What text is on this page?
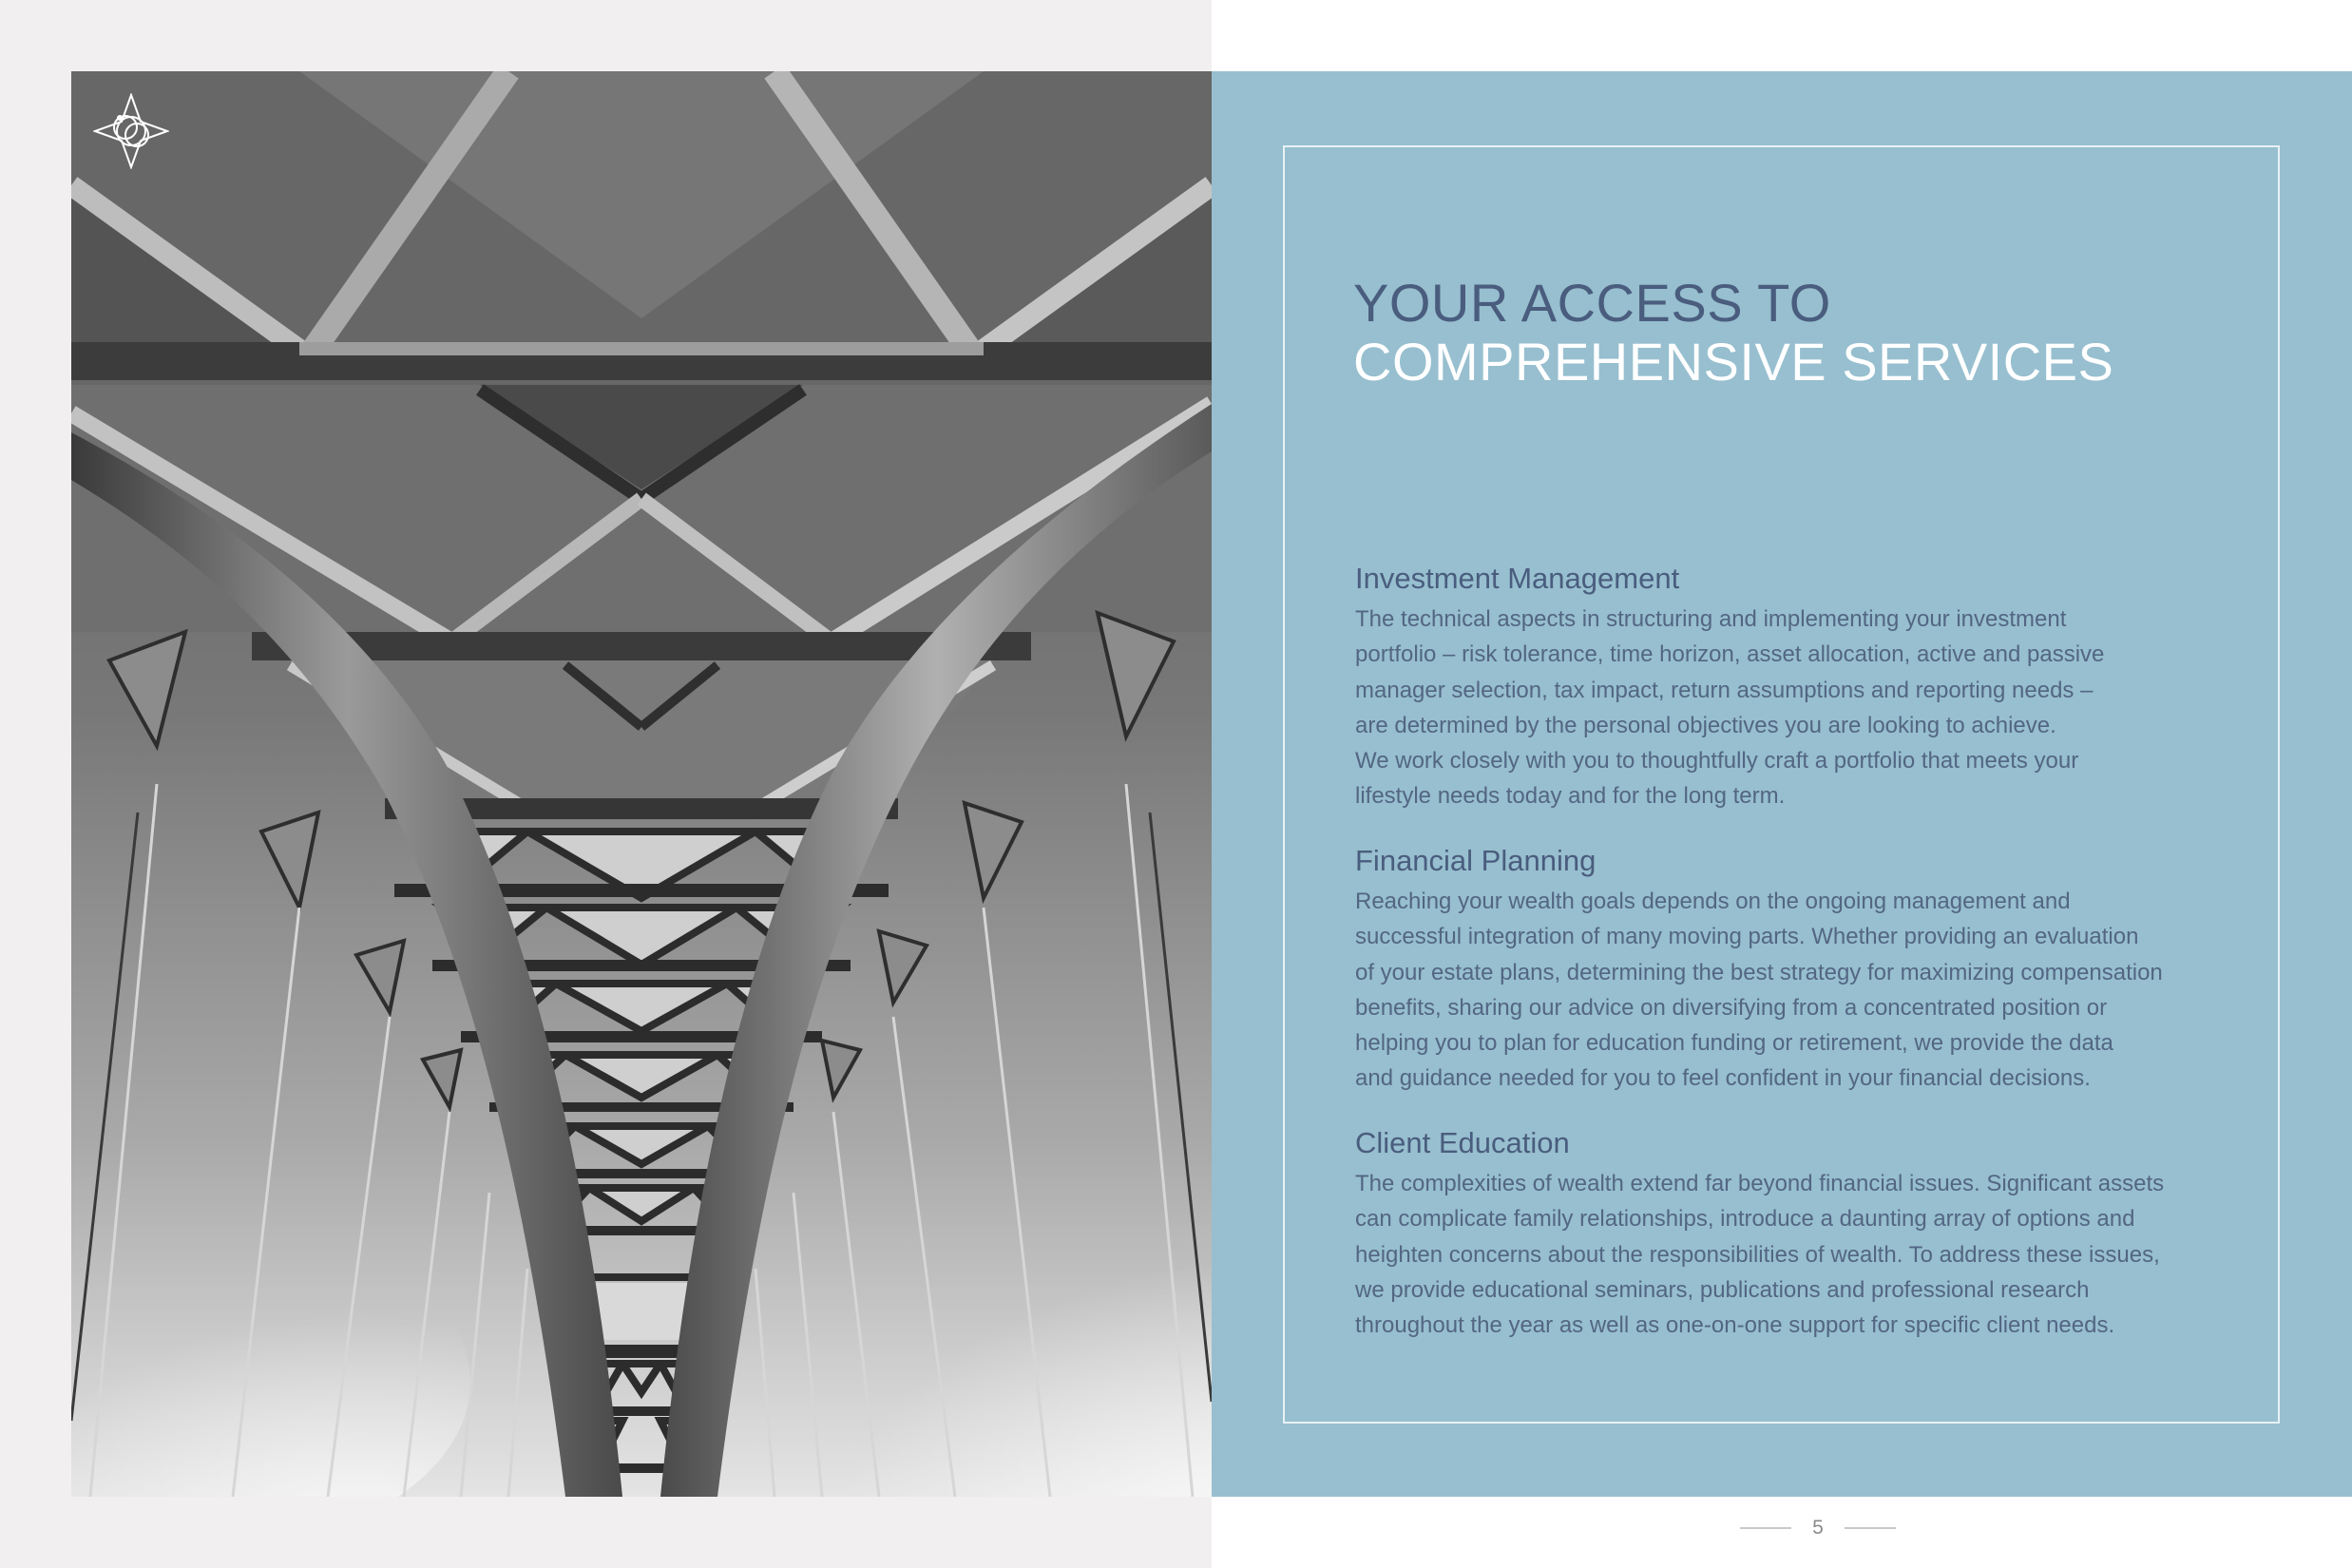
YOUR ACCESS TO
COMPREHENSIVE SERVICES
Investment Management

The technical aspects in structuring and implementing your investment
portfolio – risk tolerance, time horizon, asset allocation, active and passive
manager selection, tax impact, return assumptions and reporting needs –
are determined by the personal objectives you are looking to achieve.
We work closely with you to thoughtfully craft a portfolio that meets your
lifestyle needs today and for the long term.

Financial Planning

Reaching your wealth goals depends on the ongoing management and
successful integration of many moving parts. Whether providing an evaluation
of your estate plans, determining the best strategy for maximizing compensation
benefits, sharing our advice on diversifying from a concentrated position or
helping you to plan for education funding or retirement, we provide the data
and guidance needed for you to feel confident in your financial decisions.

Client Education

The complexities of wealth extend far beyond financial issues. Significant assets
can complicate family relationships, introduce a daunting array of options and
heighten concerns about the responsibilities of wealth. To address these issues,
we provide educational seminars, publications and professional research
throughout the year as well as one-on-one support for specific client needs.

5
